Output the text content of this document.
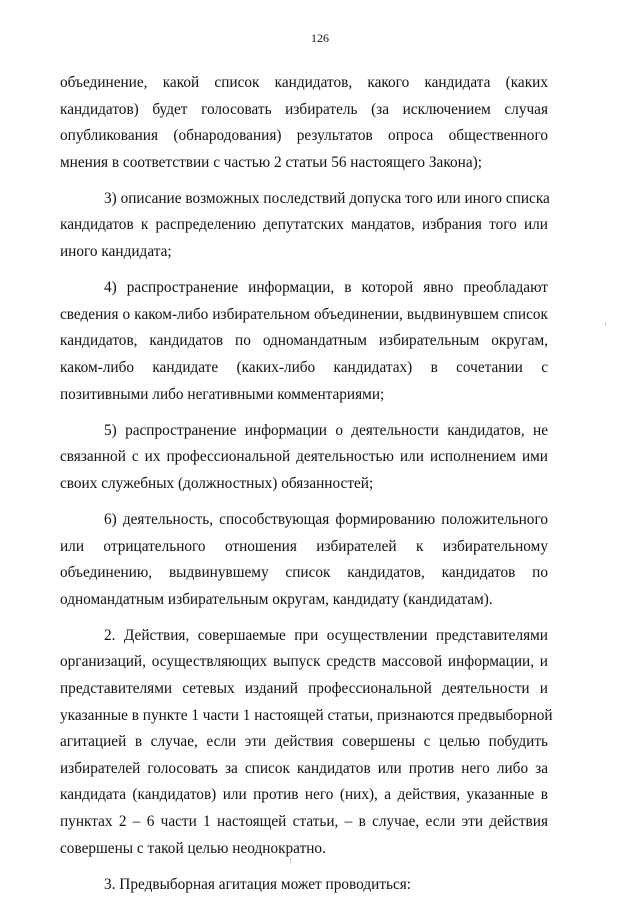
126

объединение, какой список кандидатов, какого кандидата (каких
кандидатов) будет голосовать избиратель (за исключением случая
опубликования (обнародования) результатов опроса общественного
мнения в соответствии с частью 2 статьи 56 настоящего Закона);

3) описание возможных последствий допуска того или иного списка
кандидатов к распределению депутатских мандатов, избрания того или
иного кандидата;

4) распространение информации, в которой явно преобладают
сведения о каком-либо избирательном объединении, выдвинувшем список
кандидатов, кандидатов по одномандатным избирательным округам,
каком-либо кандидате (каких-либо кандидатах) в сочетании с
позитивными либо негативными комментариями;

5) распространение информации о деятельности кандидатов, не
связанной с их профессиональной деятельностью или исполнением ими
своих служебных (должностных) обязанностей;

6) деятельность, способствующая формированию положительного
или отрицательного отношения избирателей к избирательному
объединению, выдвинувшему список кандидатов, кандидатов по
одномандатным избирательным округам, кандидату (кандидатам).

2. Действия, совершаемые при осуществлении представителями
организаций, осуществляющих выпуск средств массовой информации, и
представителями сетевых изданий профессиональной деятельности и
указанные в пункте 1 части 1 настоящей статьи, признаются предвыборной
агитацией в случае, если эти действия совершены с целью побудить
избирателей голосовать за список кандидатов или против него либо за
кандидата (кандидатов) или против него (них), а действия, указанные в
пунктах 2 – 6 части 1 настоящей статьи, – в случае, если эти действия
совершены с такой целью неоднократно.

3. Предвыборная агитация может проводиться:
